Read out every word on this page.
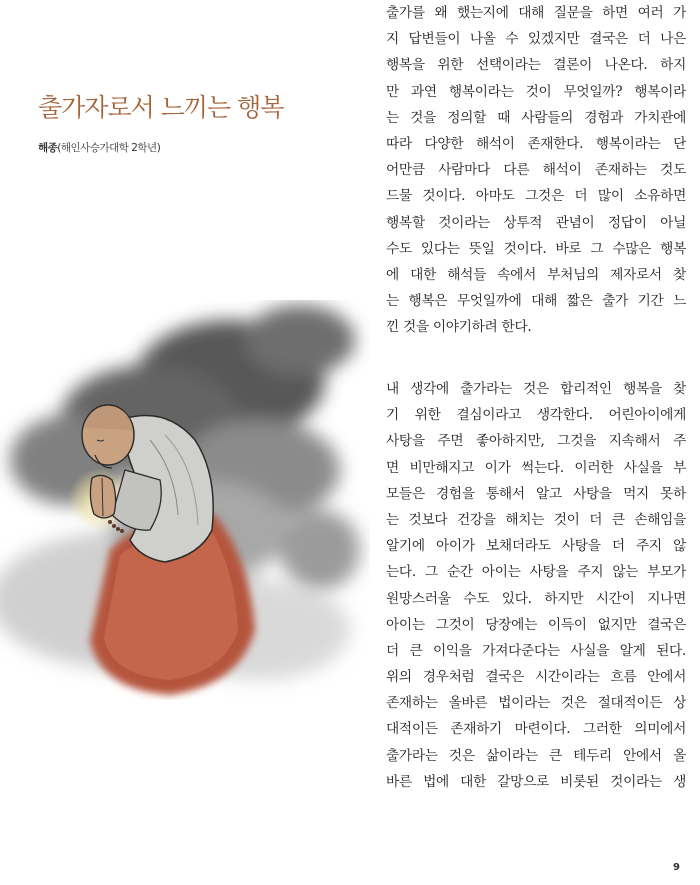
출가자로서 느끼는 행복
해종(해인사승가대학 2학년)

출가를 왜 했는지에 대해 질문을 하면 여러 가

지 답변들이 나올 수 있겠지만 결국은 더 나은

행복을 위한 선택이라는 결론이 나온다. 하지

만 과연 행복이라는 것이 무엇일까? 행복이라

는 것을 정의할 때 사람들의 경험과 가치관에

따라 다양한 해석이 존재한다. 행복이라는 단

어만큼 사람마다 다른 해석이 존재하는 것도

드물 것이다. 아마도 그것은 더 많이 소유하면

행복할 것이라는 상투적 관념이 정답이 아닐

수도 있다는 뜻일 것이다. 바로 그 수많은 행복

에 대한 해석들 속에서 부처님의 제자로서 찾

는 행복은 무엇일까에 대해 짧은 출가 기간 느

낀 것을 이야기하려 한다.

내 생각에 출가라는 것은 합리적인 행복을 찾

기 위한 결심이라고 생각한다. 어린아이에게

사탕을 주면 좋아하지만, 그것을 지속해서 주

면 비만해지고 이가 썩는다. 이러한 사실을 부

모들은 경험을 통해서 알고 사탕을 먹지 못하

는 것보다 건강을 해치는 것이 더 큰 손해임을

알기에 아이가 보채더라도 사탕을 더 주지 않

는다. 그 순간 아이는 사탕을 주지 않는 부모가

원망스러울 수도 있다. 하지만 시간이 지나면

아이는 그것이 당장에는 이득이 없지만 결국은

더 큰 이익을 가져다준다는 사실을 알게 된다.

위의 경우처럼 결국은 시간이라는 흐름 안에서

존재하는 올바른 법이라는 것은 절대적이든 상

대적이든 존재하기 마련이다. 그러한 의미에서

출가라는 것은 삶이라는 큰 테두리 안에서 올

바른 법에 대한 갈망으로 비롯된 것이라는 생

9
